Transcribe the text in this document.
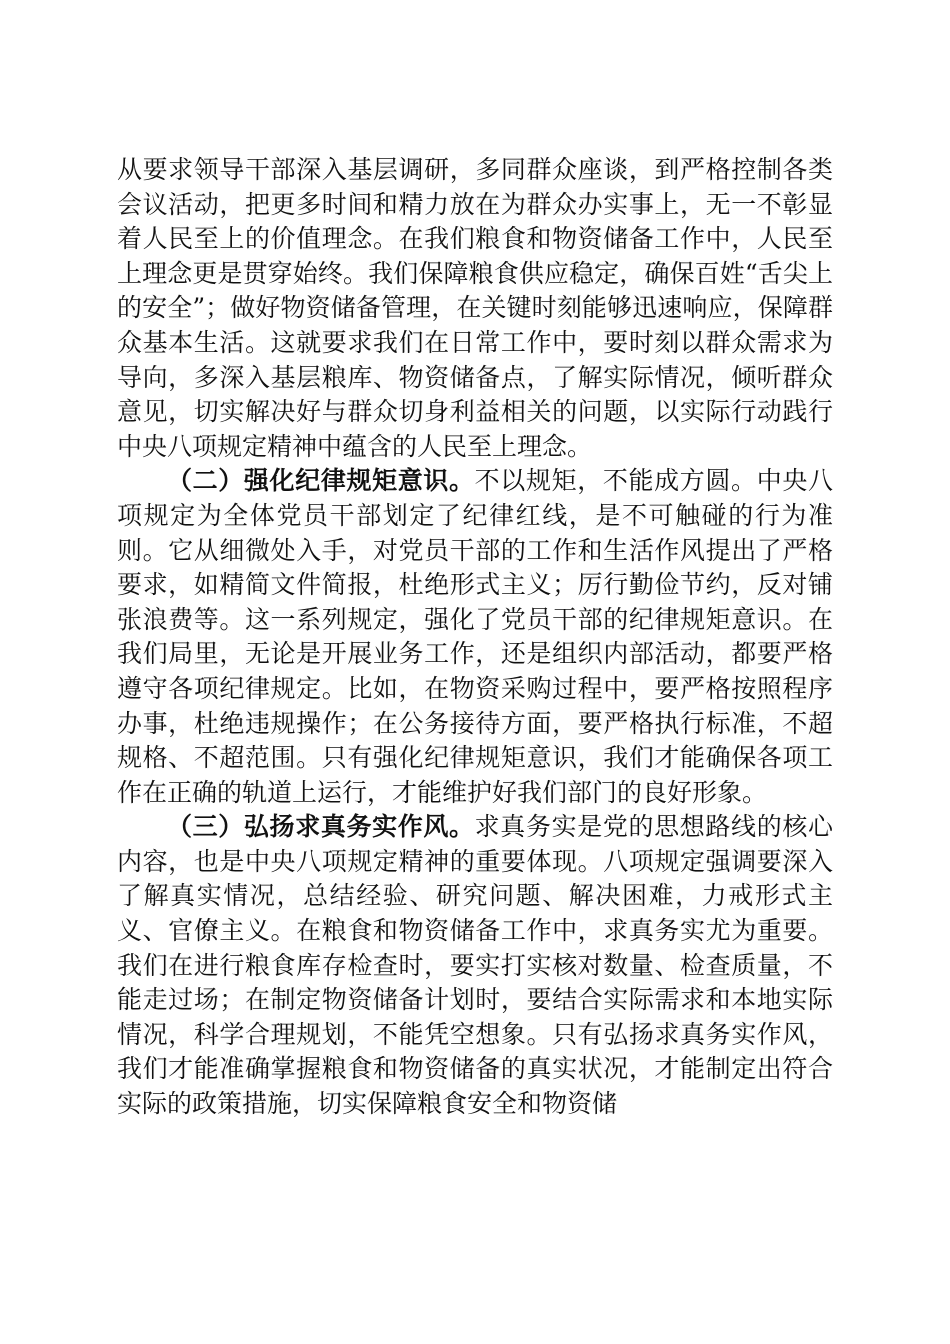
从要求领导干部深入基层调研，多同群众座谈，到严格控制各类会议活动，把更多时间和精力放在为群众办实事上，无一不彰显着人民至上的价值理念。在我们粮食和物资储备工作中，人民至上理念更是贯穿始终。我们保障粮食供应稳定，确保百姓“舌尖上的安全”；做好物资储备管理，在关键时刻能够迅速响应，保障群众基本生活。这就要求我们在日常工作中，要时刻以群众需求为导向，多深入基层粮库、物资储备点，了解实际情况，倾听群众意见，切实解决好与群众切身利益相关的问题，以实际行动践行中央八项规定精神中蕴含的人民至上理念。

（二）强化纪律规矩意识。不以规矩，不能成方圆。中央八项规定为全体党员干部划定了纪律红线，是不可触碰的行为准则。它从细微处入手，对党员干部的工作和生活作风提出了严格要求，如精简文件简报，杜绝形式主义；厉行勤俭节约，反对铺张浪费等。这一系列规定，强化了党员干部的纪律规矩意识。在我们局里，无论是开展业务工作，还是组织内部活动，都要严格遵守各项纪律规定。比如，在物资采购过程中，要严格按照程序办事，杜绝违规操作；在公务接待方面，要严格执行标准，不超规格、不超范围。只有强化纪律规矩意识，我们才能确保各项工作在正确的轨道上运行，才能维护好我们部门的良好形象。

（三）弘扬求真务实作风。求真务实是党的思想路线的核心内容，也是中央八项规定精神的重要体现。八项规定强调要深入了解真实情况，总结经验、研究问题、解决困难，力戒形式主义、官僚主义。在粮食和物资储备工作中，求真务实尤为重要。我们在进行粮食库存检查时，要实打实核对数量、检查质量，不能走过场；在制定物资储备计划时，要结合实际需求和本地实际情况，科学合理规划，不能凭空想象。只有弘扬求真务实作风，我们才能准确掌握粮食和物资储备的真实状况，才能制定出符合实际的政策措施，切实保障粮食安全和物资储
